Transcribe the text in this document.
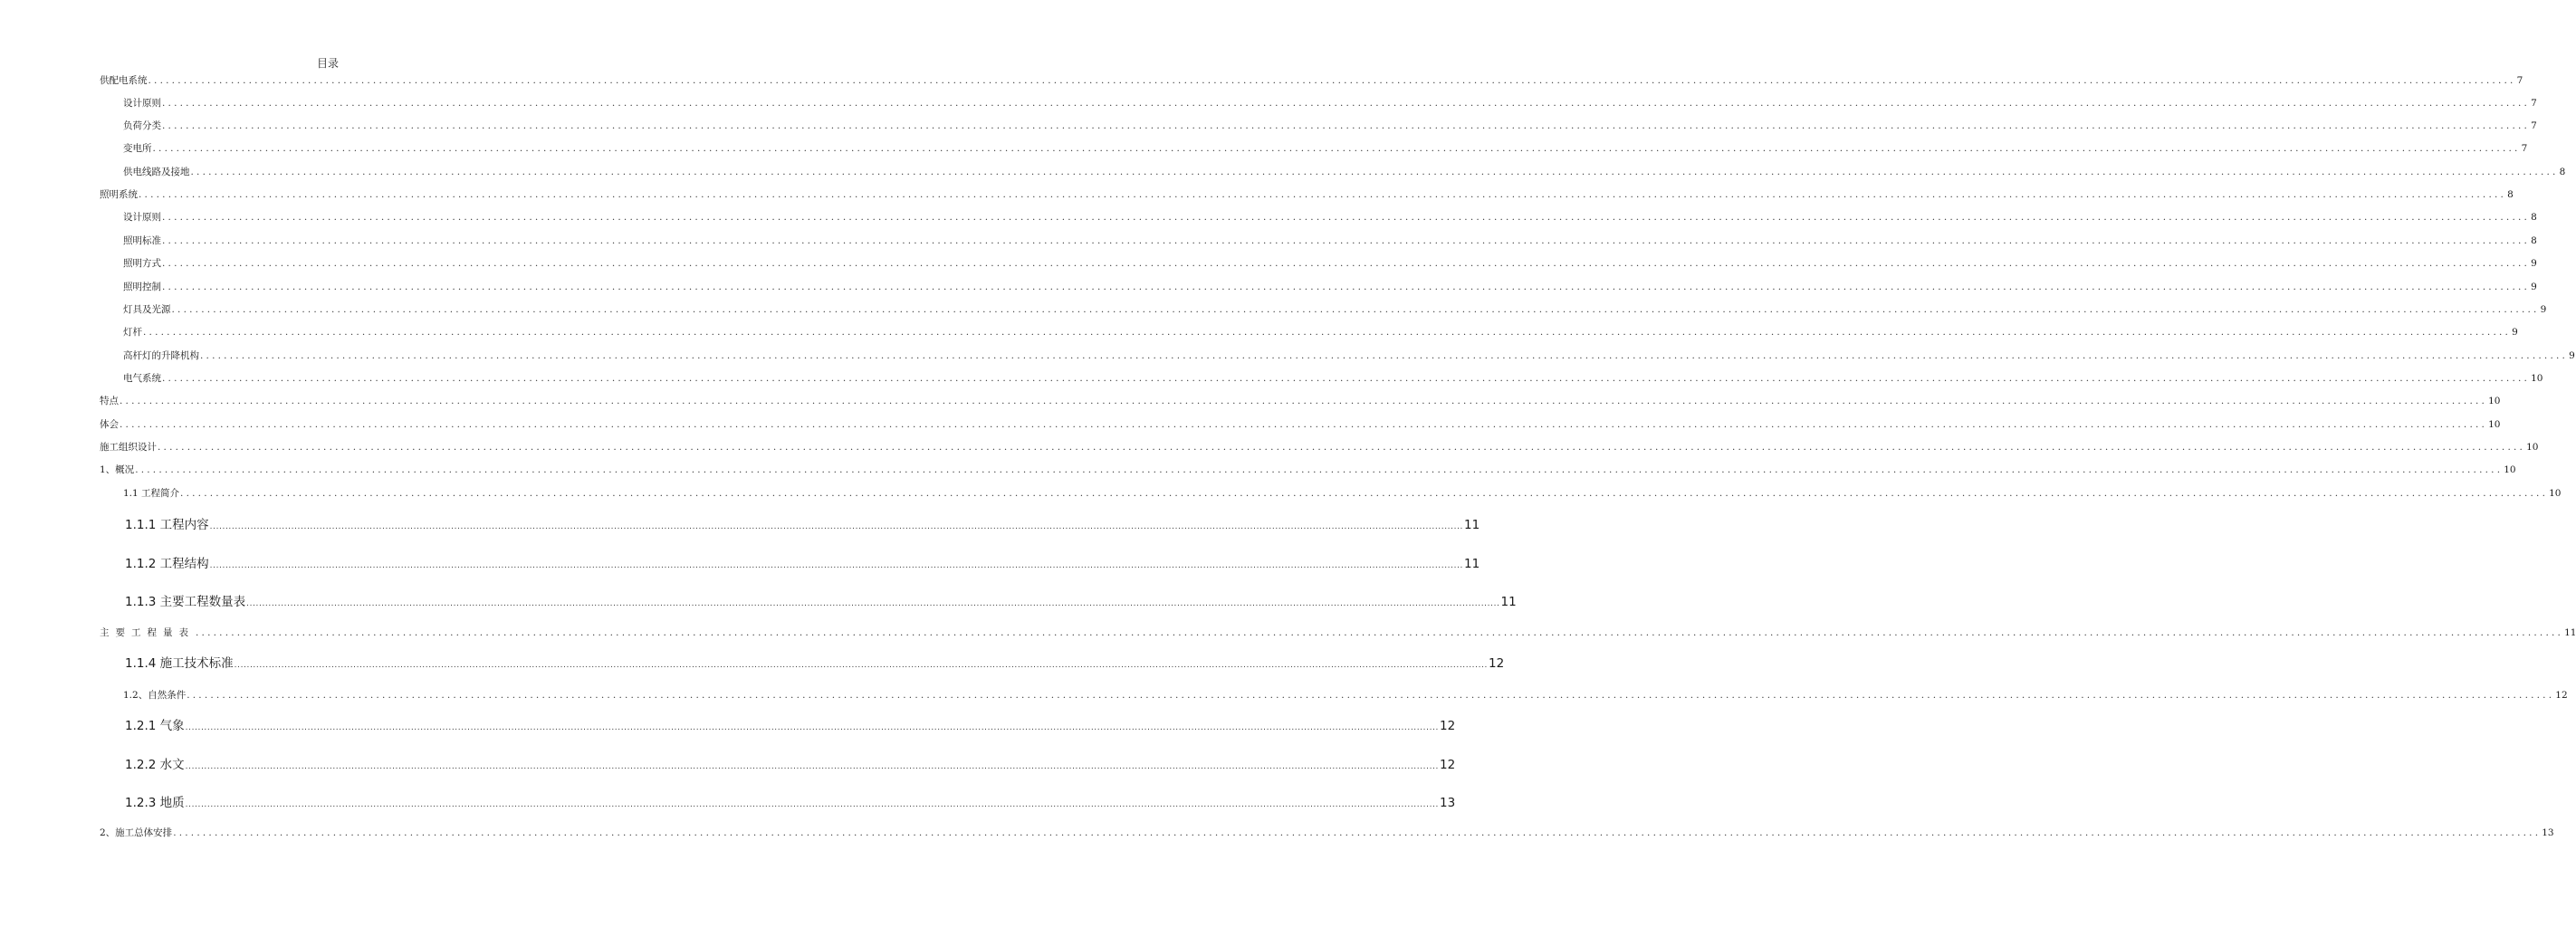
目录
供配电系统 ................................................................................................................................................................................................................................................................................................................................................................................................................ 7
设计原则 ................................................................................................................................................................................................................................................................................................................................................................................................................ 7
负荷分类 ................................................................................................................................................................................................................................................................................................................................................................................................................ 7
变电所 ................................................................................................................................................................................................................................................................................................................................................................................................................ 7
供电线路及接地 ................................................................................................................................................................................................................................................................................................................................................................................................................ 8
照明系统 ................................................................................................................................................................................................................................................................................................................................................................................................................ 8
设计原则 ................................................................................................................................................................................................................................................................................................................................................................................................................ 8
照明标准 ................................................................................................................................................................................................................................................................................................................................................................................................................ 8
照明方式 ................................................................................................................................................................................................................................................................................................................................................................................................................ 9
照明控制 ................................................................................................................................................................................................................................................................................................................................................................................................................ 9
灯具及光源 ................................................................................................................................................................................................................................................................................................................................................................................................................ 9
灯杆 ................................................................................................................................................................................................................................................................................................................................................................................................................ 9
高杆灯的升降机构 ................................................................................................................................................................................................................................................................................................................................................................................................................ 9
电气系统 ................................................................................................................................................................................................................................................................................................................................................................................................................ 10
特点 ................................................................................................................................................................................................................................................................................................................................................................................................................ 10
体会 ................................................................................................................................................................................................................................................................................................................................................................................................................ 10
施工组织设计 ................................................................................................................................................................................................................................................................................................................................................................................................................ 10
1、概况 ................................................................................................................................................................................................................................................................................................................................................................................................................ 10
1.1 工程简介 ................................................................................................................................................................................................................................................................................................................................................................................................................ 10
1.1.1 工程内容 ................................................................................................................................................................................................................................................................................................................................................................................................................ 11
1.1.2 工程结构 ................................................................................................................................................................................................................................................................................................................................................................................................................ 11
1.1.3 主要工程数量表 ................................................................................................................................................................................................................................................................................................................................................................................................................ 11
主要工程量表 ................................................................................................................................................................................................................................................................................................................................................................................................................ 11
1.1.4 施工技术标准 ................................................................................................................................................................................................................................................................................................................................................................................................................ 12
1.2、自然条件 ................................................................................................................................................................................................................................................................................................................................................................................................................ 12
1.2.1 气象 ................................................................................................................................................................................................................................................................................................................................................................................................................ 12
1.2.2 水文 ................................................................................................................................................................................................................................................................................................................................................................................................................ 12
1.2.3 地质 ................................................................................................................................................................................................................................................................................................................................................................................................................ 13
2、施工总体安排 ................................................................................................................................................................................................................................................................................................................................................................................................................ 13
